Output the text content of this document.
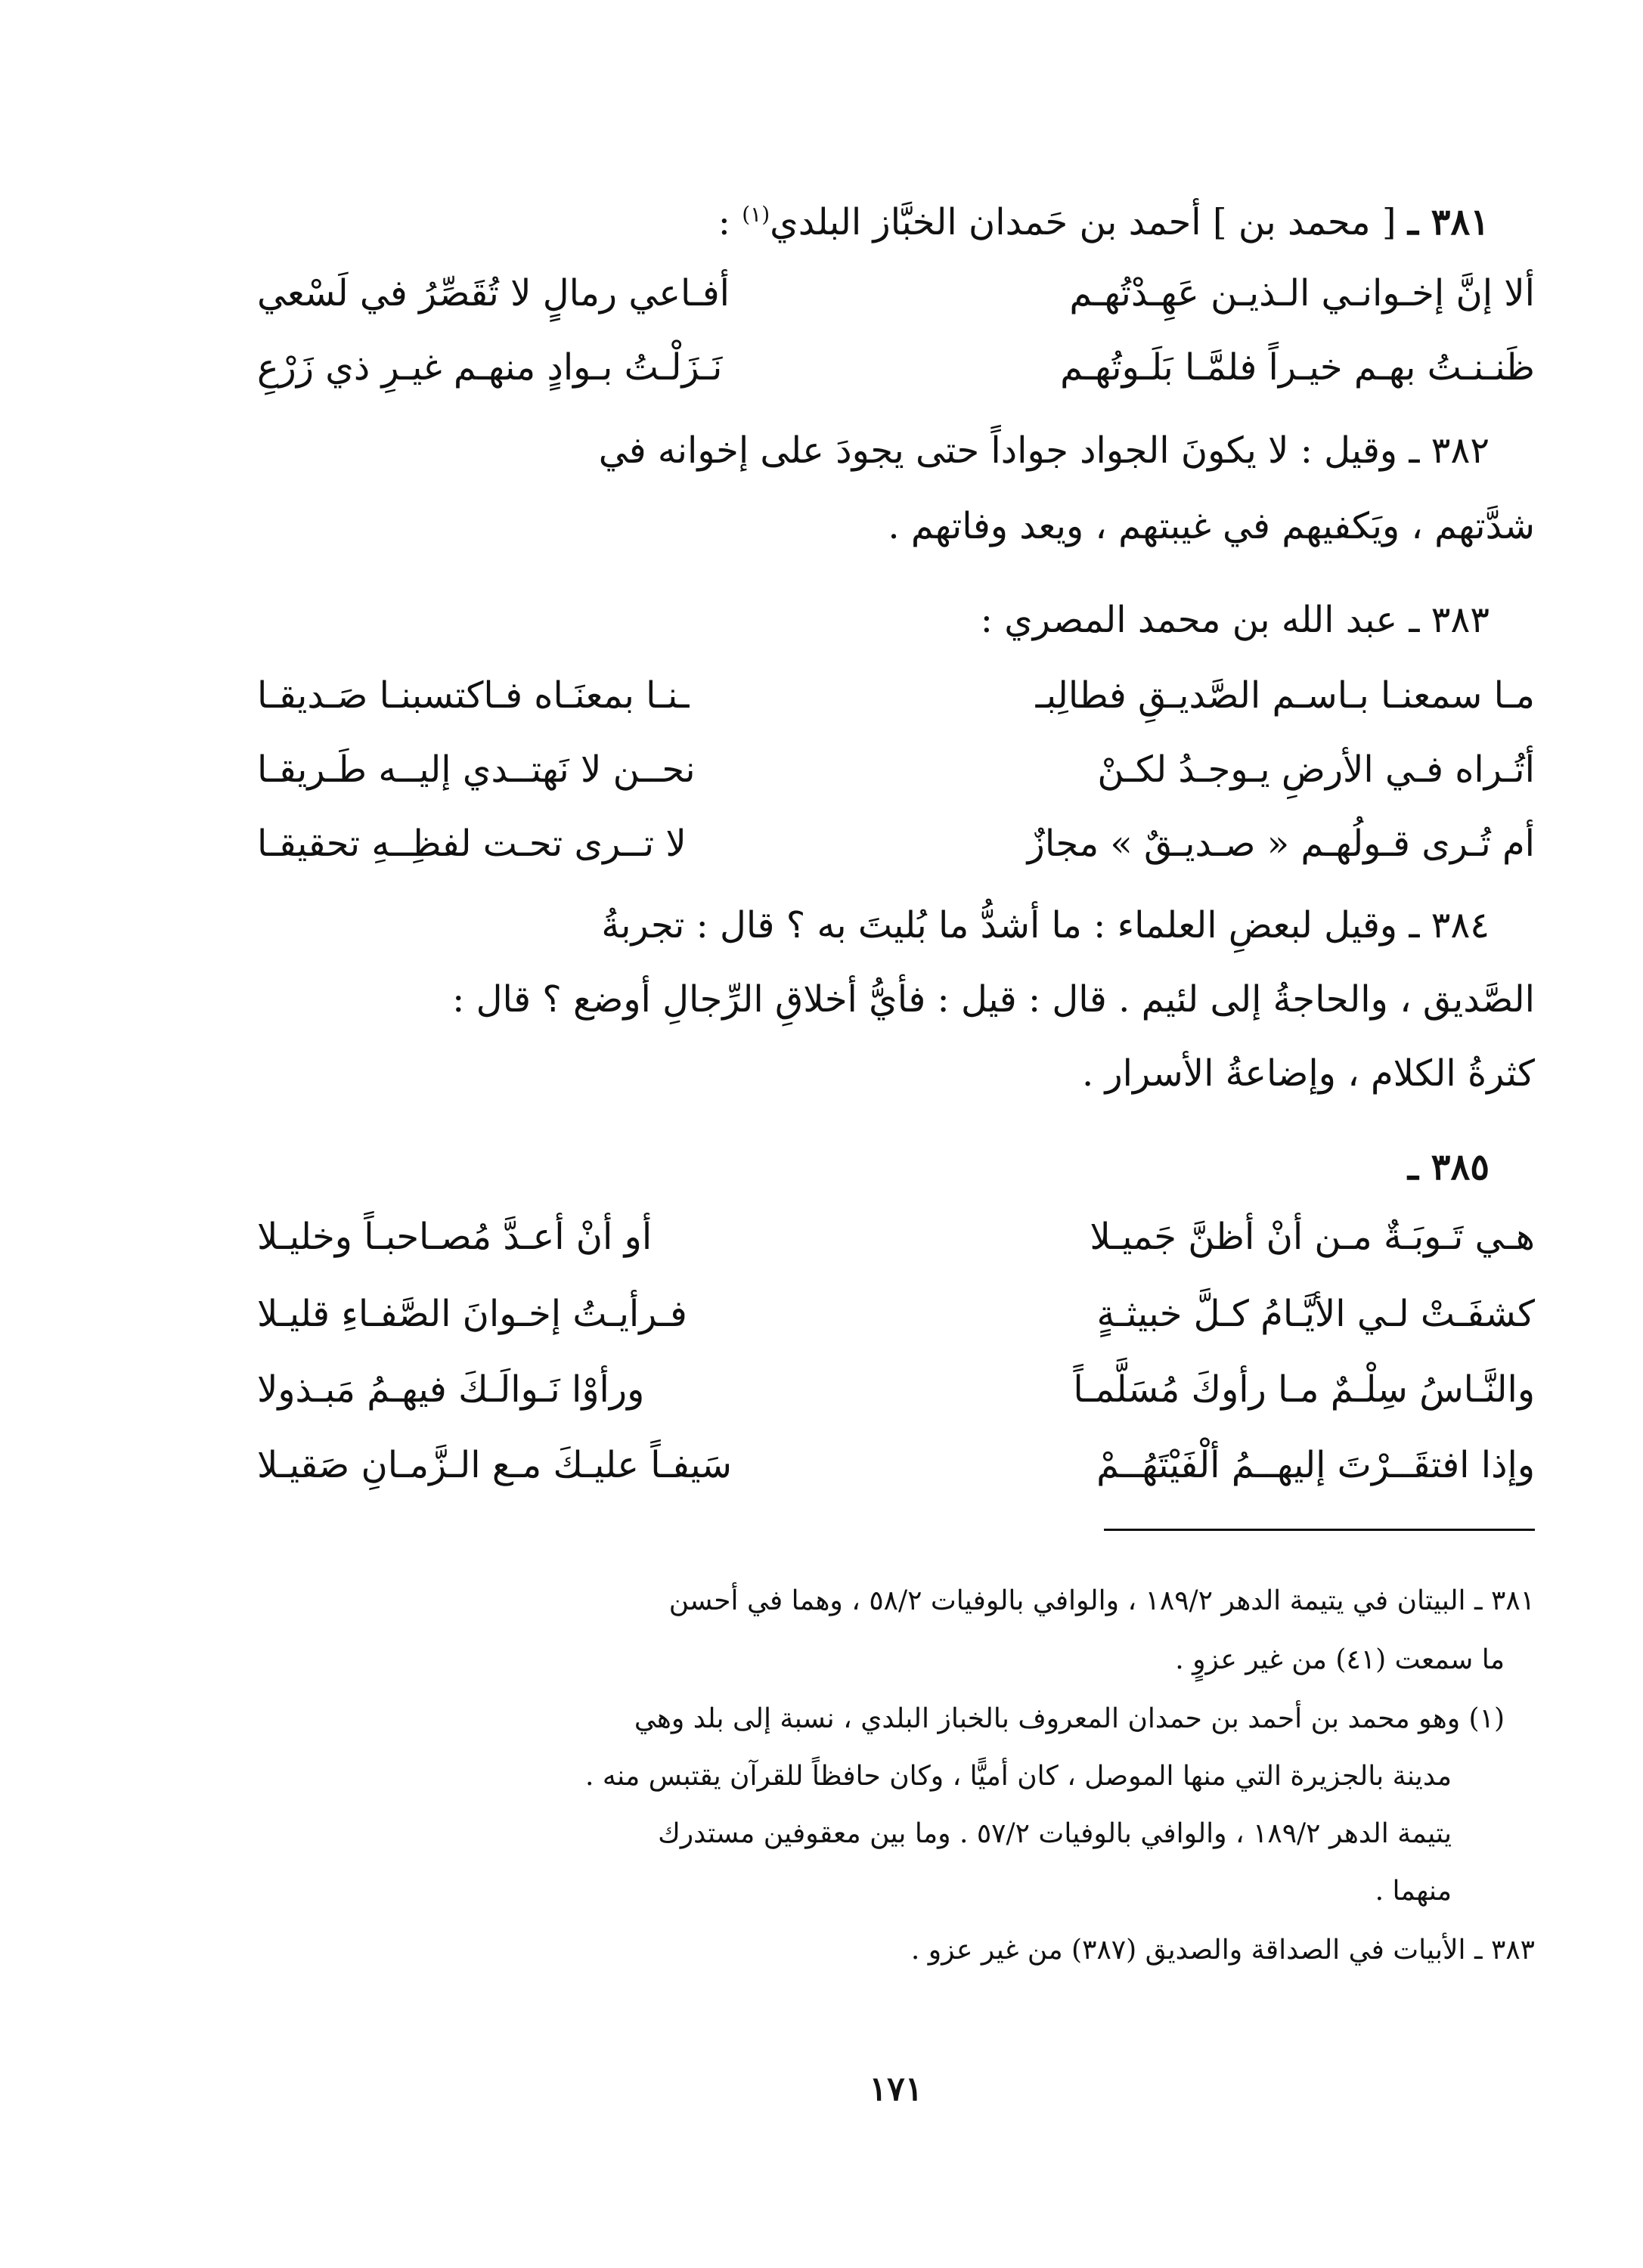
٣٨١ ـ [ محمد بن ] أحمد بن حَمدان الخبَّاز البلدي$^{(١)}$ :
ألا إنَّ إخـوانـي الـذيـن عَهِـدْتُهـم
أفـاعي رمالٍ لا تُقَصِّرُ في لَسْعي
ظَنـنـتُ بهـم خيـراً فلمَّـا بَلَـوتُهـم
نَـزَلْـتُ بـوادٍ منهـم غيـرِ ذي زَرْعِ
٣٨٢ ـ وقيل : لا يكونَ الجواد جواداً حتى يجودَ على إخوانه في
شدَّتهم ، ويَكفيهم في غيبتهم ، ويعد وفاتهم .
٣٨٣ ـ عبد الله بن محمد المصري :
مـا سمعنـا بـاسـم الصَّديـقِ فطالِبـ
ـنـا بمعنَـاه فـاكتسبنـا صَـديقـا
أتُـراه فـي الأرضِ يـوجـدُ لكـنْ
نحــن لا نَهتــدي إليــه طَـريقـا
أم تُـرى قـولُهـم « صـديـقٌ » مجازٌ
لا تــرى تحـت لفظِــهِ تحقيقـا
٣٨٤ ـ وقيل لبعضِ العلماء : ما أشدُّ ما بُليتَ به ؟ قال : تجربةُ
الصَّديق ، والحاجةُ إلى لئيم . قال : قيل : فأيُّ أخلاقِ الرِّجالِ أوضع ؟ قال :
كثرةُ الكلام ، وإضاعةُ الأسرار .
٣٨٥ ـ
هـي تَـوبَـةٌ مـن أنْ أظنَّ جَميـلا
أو أنْ أعـدَّ مُصـاحبـاً وخليـلا
كشفَـتْ لـي الأيَّـامُ كـلَّ خبيثـةٍ
فـرأيـتُ إخـوانَ الصَّفـاءِ قليـلا
والنَّـاسُ سِلْـمٌ مـا رأوكَ مُسَلَّمـاً
ورأوْا نَـوالَـكَ فيهـمُ مَبـذولا
وإذا افتقَــرْتَ إليهــمُ ألْفَيْتَهُــمْ
سَيفـاً عليـكَ مـع الـزَّمـانِ صَقيـلا
٣٨١ ـ البيتان في يتيمة الدهر ١٨٩/٢ ، والوافي بالوفيات ٥٨/٢ ، وهما في أحسن
ما سمعت (٤١) من غير عزوٍ .
(١) وهو محمد بن أحمد بن حمدان المعروف بالخباز البلدي ، نسبة إلى بلد وهي
مدينة بالجزيرة التي منها الموصل ، كان أميًّا ، وكان حافظاً للقرآن يقتبس منه .
يتيمة الدهر ١٨٩/٢ ، والوافي بالوفيات ٥٧/٢ . وما بين معقوفين مستدرك
منهما .
٣٨٣ ـ الأبيات في الصداقة والصديق (٣٨٧) من غير عزو .
١٧١
